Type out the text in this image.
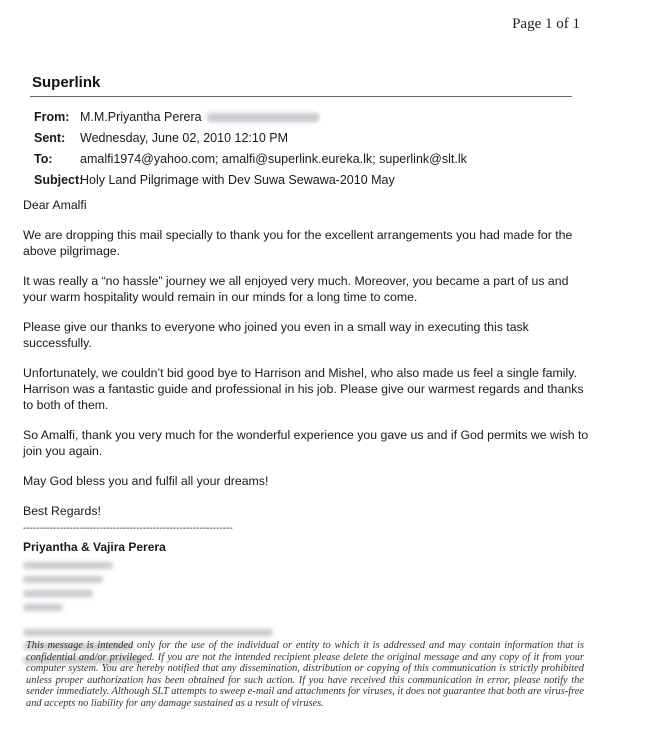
Page 1 of 1
Superlink
From: M.M.Priyantha Perera
Sent:	Wednesday, June 02, 2010 12:10 PM
To:	amalfi1974@yahoo.com; amalfi@superlink.eureka.lk; superlink@slt.lk
Subject:
Holy Land Pilgrimage with Dev Suwa Sewawa-2010 May

Dear Amalfi

We are dropping this mail specially to thank you for the excellent arrangements you had made for the above pilgrimage.

It was really a “no hassle” journey we all enjoyed very much. Moreover, you became a part of us and your warm hospitality would remain in our minds for a long time to come.

Please give our thanks to everyone who joined you even in a small way in executing this task successfully.

Unfortunately, we couldn’t bid good bye to Harrison and Mishel, who also made us feel a single family. Harrison was a fantastic guide and professional in his job. Please give our warmest regards and thanks to both of them.

So Amalfi, thank you very much for the wonderful experience you gave us and if God permits we wish to join you again.

May God bless you and fulfil all your dreams!

Best Regards!

---------------------------------------------------------------
Priyantha & Vajira Perera
This message is intended only for the use of the individual or entity to which it is addressed and may contain information that is confidential and/or privileged. If you are not the intended recipient please delete the original message and any copy of it from your computer system. You are hereby notified that any dissemination, distribution or copying of this communication is strictly prohibited unless proper authorization has been obtained for such action. If you have received this communication in error, please notify the sender immediately. Although SLT attempts to sweep e-mail and attachments for viruses, it does not guarantee that both are virus-free and accepts no liability for any damage sustained as a result of viruses.
